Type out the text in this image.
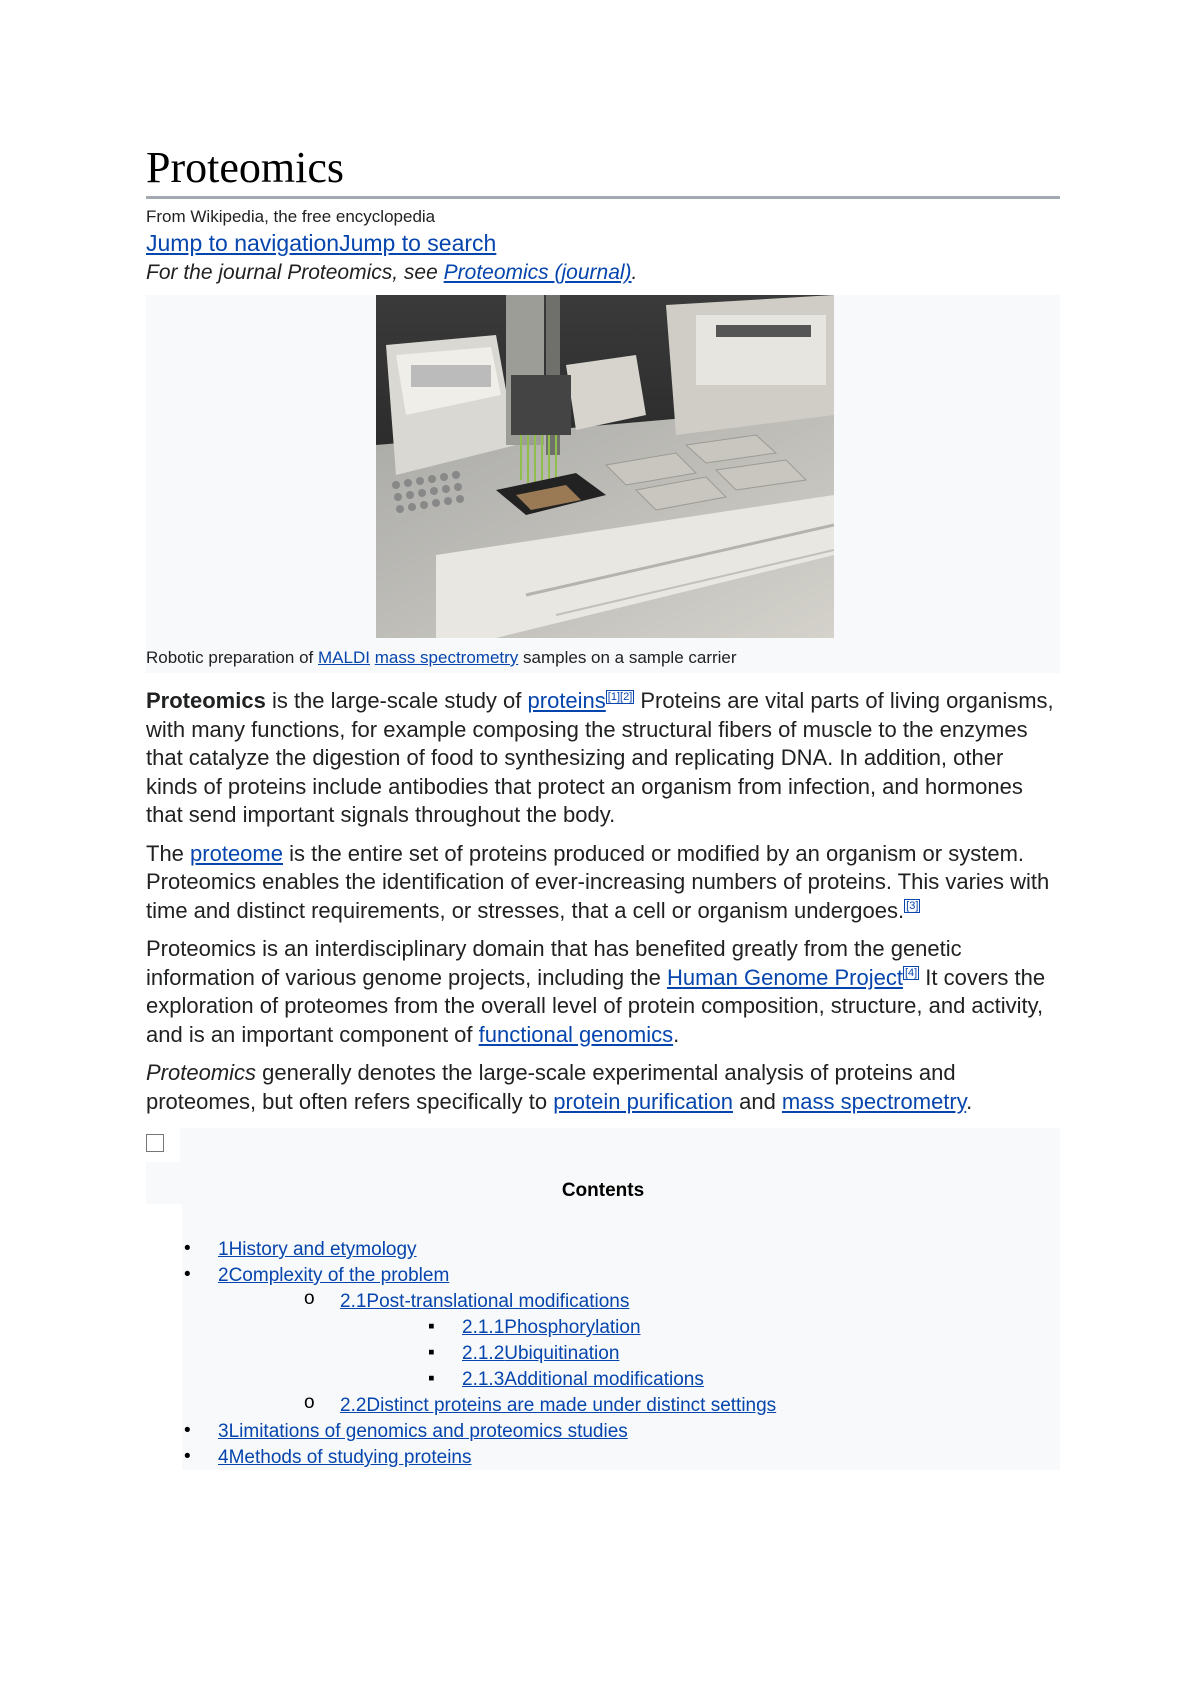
Proteomics
From Wikipedia, the free encyclopedia
Jump to navigationJump to search
For the journal Proteomics, see Proteomics (journal).
Robotic preparation of MALDI mass spectrometry samples on a sample carrier

Proteomics is the large-scale study of proteins [1][2] Proteins are vital parts of living organisms, with many functions, for example composing the structural fibers of muscle to the enzymes that catalyze the digestion of food to synthesizing and replicating DNA. In addition, other kinds of proteins include antibodies that protect an organism from infection, and hormones that send important signals throughout the body.

The proteome is the entire set of proteins produced or modified by an organism or system. Proteomics enables the identification of ever-increasing numbers of proteins. This varies with time and distinct requirements, or stresses, that a cell or organism undergoes. [3]

Proteomics is an interdisciplinary domain that has benefited greatly from the genetic information of various genome projects, including the Human Genome Project [4] It covers the exploration of proteomes from the overall level of protein composition, structure, and activity, and is an important component of functional genomics.

Proteomics generally denotes the large-scale experimental analysis of proteins and proteomes, but often refers specifically to protein purification and mass spectrometry.

Contents
• 1History and etymology
• 2Complexity of the problem
o 2.1Post-translational modifications
▪ 2.1.1Phosphorylation
▪ 2.1.2Ubiquitination
▪ 2.1.3Additional modifications
o 2.2Distinct proteins are made under distinct settings
• 3Limitations of genomics and proteomics studies
• 4Methods of studying proteins
